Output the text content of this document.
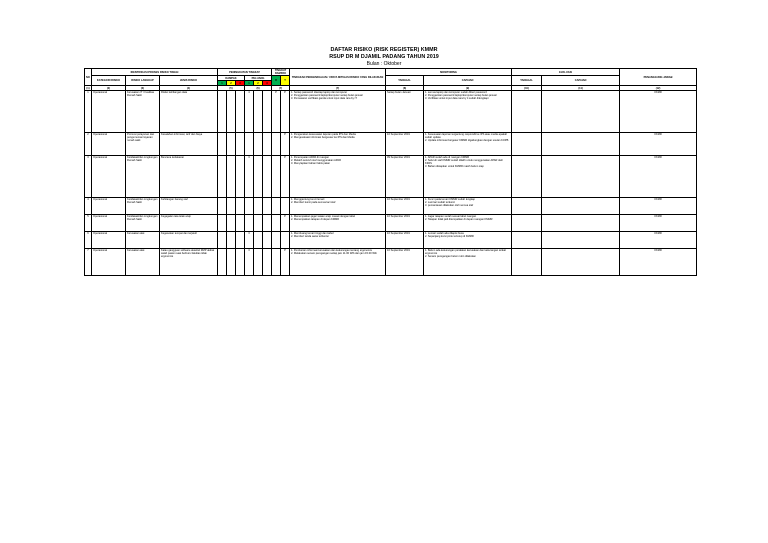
DAFTAR RISIKO (RISK REGISTER) KMMR
RSUP DR M DJAMIL PADANG TAHUN 2019
Bulan : Oktober
NO	IDENTIFIKASI PROSES RISIKO TINGGI			PENINGKATAN TINGKAT						TINGKAT DAMPAK		TINDAKAN PENGENDALIAN / UPAYA MITIGASI RISIKO YANG DILAKUKAN	MONITORING		EVALUASI		PENANGGUNG JAWAB
	KATEGORI RISIKO	RISIKO LANGKAP	JENIS RISIKO	DAMPAK			PELUANG			R	T		TANGGAL	CAPAIAN	TANGGAL	CAPAIAN	
				1	2	3	1	2	3								
(1)	(2)	(3)	(4)	(5)			(6)			(7)		(7)	(8)	(9)	(10)	(11)	(12)
1	Operasional	Kerusakan IT / Fasilitas Rumah Sakit	Risiko kehilangan data				4			P	P	1. Setiap password disetiap laptop dan komputer
2. Penggantian password laptop/komputer setiap bulan januari
3. Pemasaran verifikasi ganda untuk input data rara by IT	Setiap bulan Januari	1. semua laptop dan komputer sudah diberi password
2. Penggantian password laptop/komputer setiap bulan januari
3. Verifikasi untuk input data rara by it sudah dilengkapi			KKMR
2	Operasional	Promosi pelayanan dan pengumuman layanan rumah sakit	Kesalahan informasi, tarif dan biaya								P	1. Pengecekan kesesuaian laporan pada IPS dan Media
2. Mengevaluasi informasi bergesser ke IPS dan Media	10 September 2019	1. Kesesuaian laporan tergantung responsbl ke IPS atau media apakah sudah update
2. Update informasi bergeser KMMR digabungkan dengan usulan KOPB			KKMR
3	Operasional	Ketidakaktifan Lingkungan Rumah Sakit	Bencana kebakaran				3				P	1. Penempatan APAR di ruangan
2. Melatih seluruh staf menggunakan APAR
3. Menyiapkan bahan habis pakai	09 September 2019	1. APAR sudah ada di ruangan KMMR
2. Seluruh staf KMMR sudah dilatih untuk menggunakan APAR oleh K3RS
3. Bahan disiapkan untuk KMMR masih belum siap			KKMR
4	Operasional	Ketidakaktifan Lingkungan Rumah Sakit	Kehilangan barang staf									1. Menggantung kunci lemari
2. Memberi kunci pada semua laci staf	10 September 2019	1. Kunci pada lemari KMMR sudah lengkap
2. Laci laci sudah terkunci
3. pemantauan dilakukan oleh semua staf			KKMR
5	Operasional	Ketidakaktifan Lingkungan Rumah Sakit	Kegagalan tata letak arsip								P	1. Menempatkan jagar tataan arsip masuk dengan label
2. Menempatkan tatapan di depan KMMR	10 September 2019	1. Jagar tatapan sudah sesuai label ruangan
2. Tatapan tidak jadi ditempatkan di depan ruangan KMMR			KKMR
6	Operasional	Kerusakan alat	Kegesekan tempat dan terjatuh				3					1. Membuang lemari tinggi dan kabel
2. Memberi tanda awas terbentur	10 September 2019	1. Lemari sudah ada dilapisi busa
2. Sepanjang kursi pintu tertutup di KMMR			KKMR
7	Operasional	Kerusakan alat	Kalau gangguan software aksebel RMP akibat salah pasien saat berburu fakultas tidak ergonomis				3				P	1. Pemberian informasi kerusakan dan kekurangan tentang ergonomis
2. Melakukan senam peregangan setiap jam 11.00 WIb dan jam 15.00 Wib	10 September 2019	1. Belum ada kekurangan peralatan kerusakan dan kekurangan terkait ergonomis
2. Senam peregangan belum rutin dilakukan			KKMR
